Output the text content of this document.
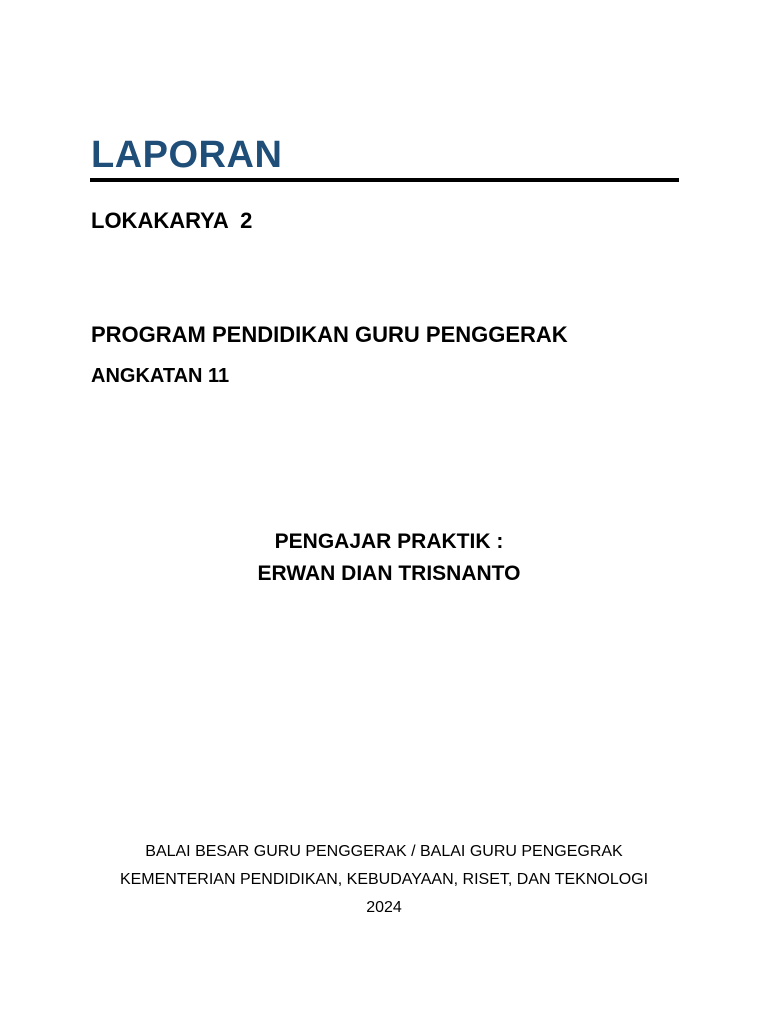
LAPORAN
LOKAKARYA  2
PROGRAM PENDIDIKAN GURU PENGGERAK
ANGKATAN 11
PENGAJAR PRAKTIK :
ERWAN DIAN TRISNANTO
BALAI BESAR GURU PENGGERAK / BALAI GURU PENGEGRAK
KEMENTERIAN PENDIDIKAN, KEBUDAYAAN, RISET, DAN TEKNOLOGI
2024
